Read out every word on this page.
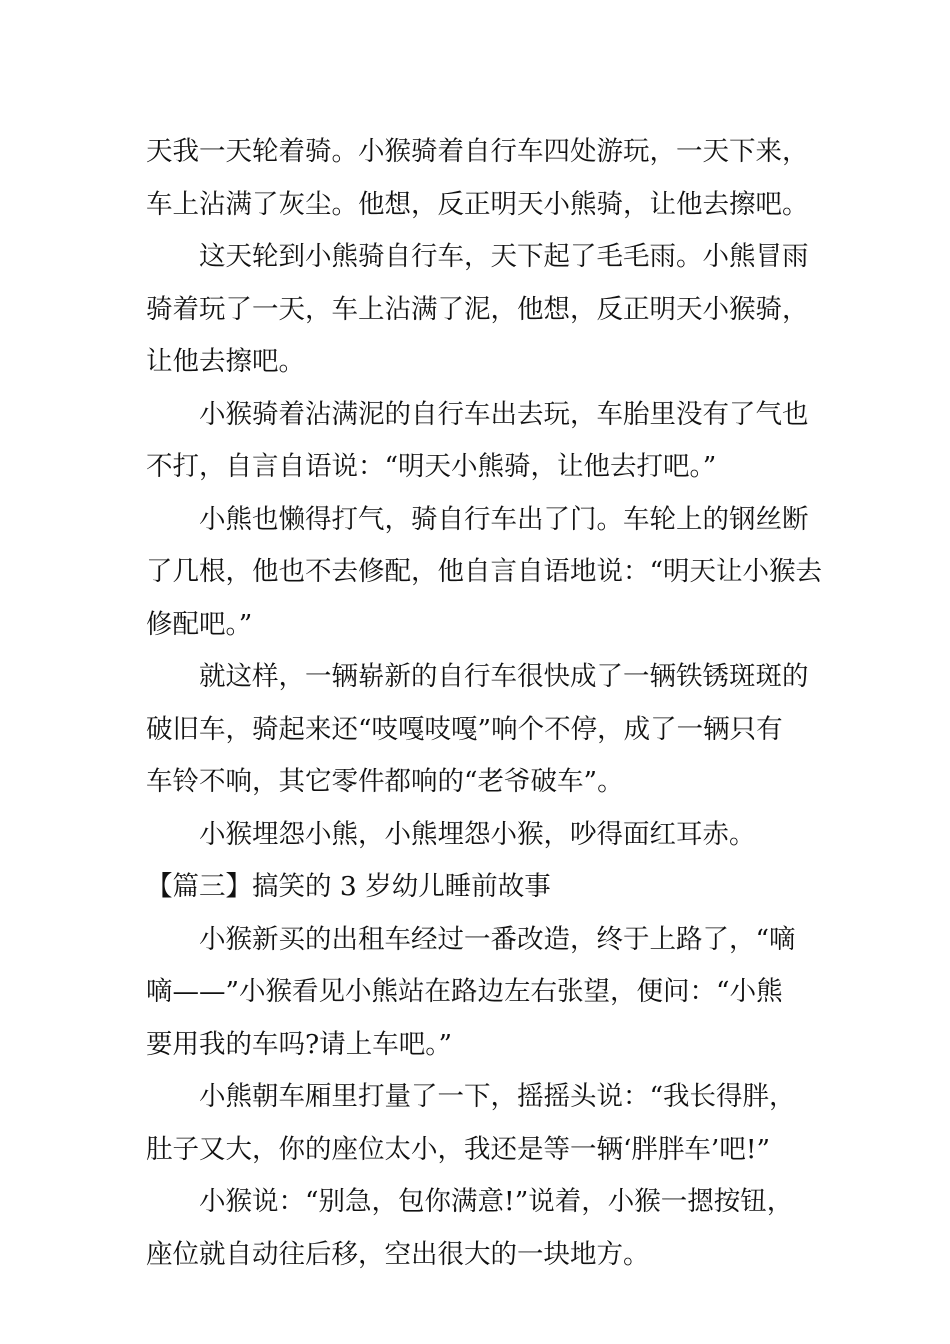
天我一天轮着骑。小猴骑着自行车四处游玩，一天下来，
车上沾满了灰尘。他想，反正明天小熊骑，让他去擦吧。
这天轮到小熊骑自行车，天下起了毛毛雨。小熊冒雨
骑着玩了一天，车上沾满了泥，他想，反正明天小猴骑，
让他去擦吧。
小猴骑着沾满泥的自行车出去玩，车胎里没有了气也
不打，自言自语说：“明天小熊骑，让他去打吧。”
小熊也懒得打气，骑自行车出了门。车轮上的钢丝断
了几根，他也不去修配，他自言自语地说：“明天让小猴去
修配吧。”
就这样，一辆崭新的自行车很快成了一辆铁锈斑斑的
破旧车，骑起来还“吱嘎吱嘎”响个不停，成了一辆只有
车铃不响，其它零件都响的“老爷破车”。
小猴埋怨小熊，小熊埋怨小猴，吵得面红耳赤。
【篇三】搞笑的 3 岁幼儿睡前故事
小猴新买的出租车经过一番改造，终于上路了，“嘀
嘀——”小猴看见小熊站在路边左右张望，便问：“小熊
要用我的车吗?请上车吧。”
小熊朝车厢里打量了一下，摇摇头说：“我长得胖，
肚子又大，你的座位太小，我还是等一辆‘胖胖车’吧!”
小猴说：“别急，包你满意!”说着，小猴一摁按钮，
座位就自动往后移，空出很大的一块地方。
